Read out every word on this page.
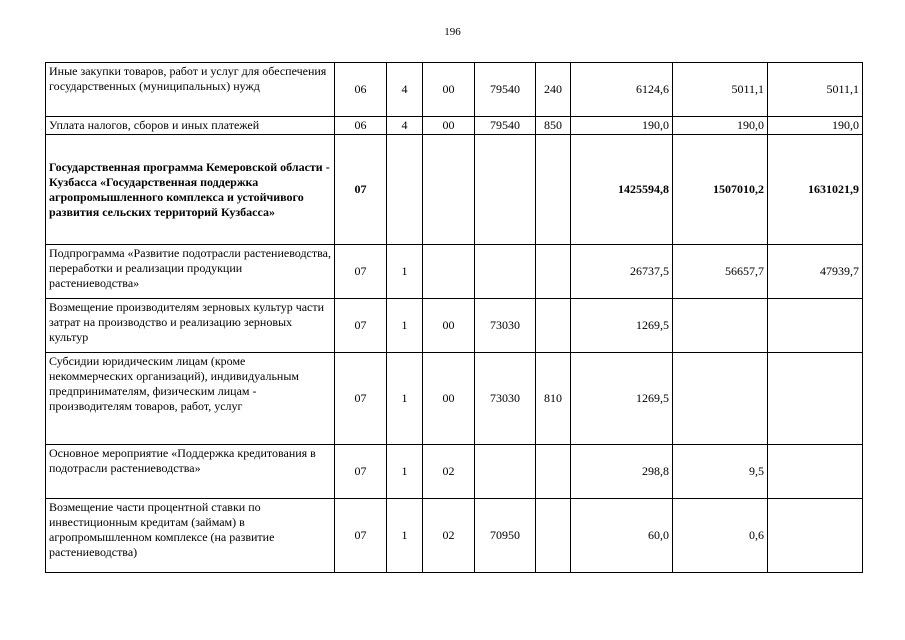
196
Иные закупки товаров, работ и услуг для обеспечения государственных (муниципальных) нужд	06	4	00	79540	240	6124,6	5011,1	5011,1
Уплата налогов, сборов и иных платежей	06	4	00	79540	850	190,0	190,0	190,0
Государственная программа Кемеровской области - Кузбасса «Государственная поддержка агропромышленного комплекса и устойчивого развития сельских территорий Кузбасса»	07					1425594,8	1507010,2	1631021,9
Подпрограмма «Развитие подотрасли растениеводства, переработки и реализации продукции растениеводства»	07	1				26737,5	56657,7	47939,7
Возмещение производителям зерновых культур части затрат на производство и реализацию зерновых культур	07	1	00	73030		1269,5		
Субсидии юридическим лицам (кроме некоммерческих организаций), индивидуальным предпринимателям, физическим лицам - производителям товаров, работ, услуг	07	1	00	73030	810	1269,5		
Основное мероприятие «Поддержка кредитования в подотрасли растениеводства»	07	1	02			298,8	9,5	
Возмещение части процентной ставки по инвестиционным кредитам (займам) в агропромышленном комплексе (на развитие растениеводства)	07	1	02	70950		60,0	0,6	
